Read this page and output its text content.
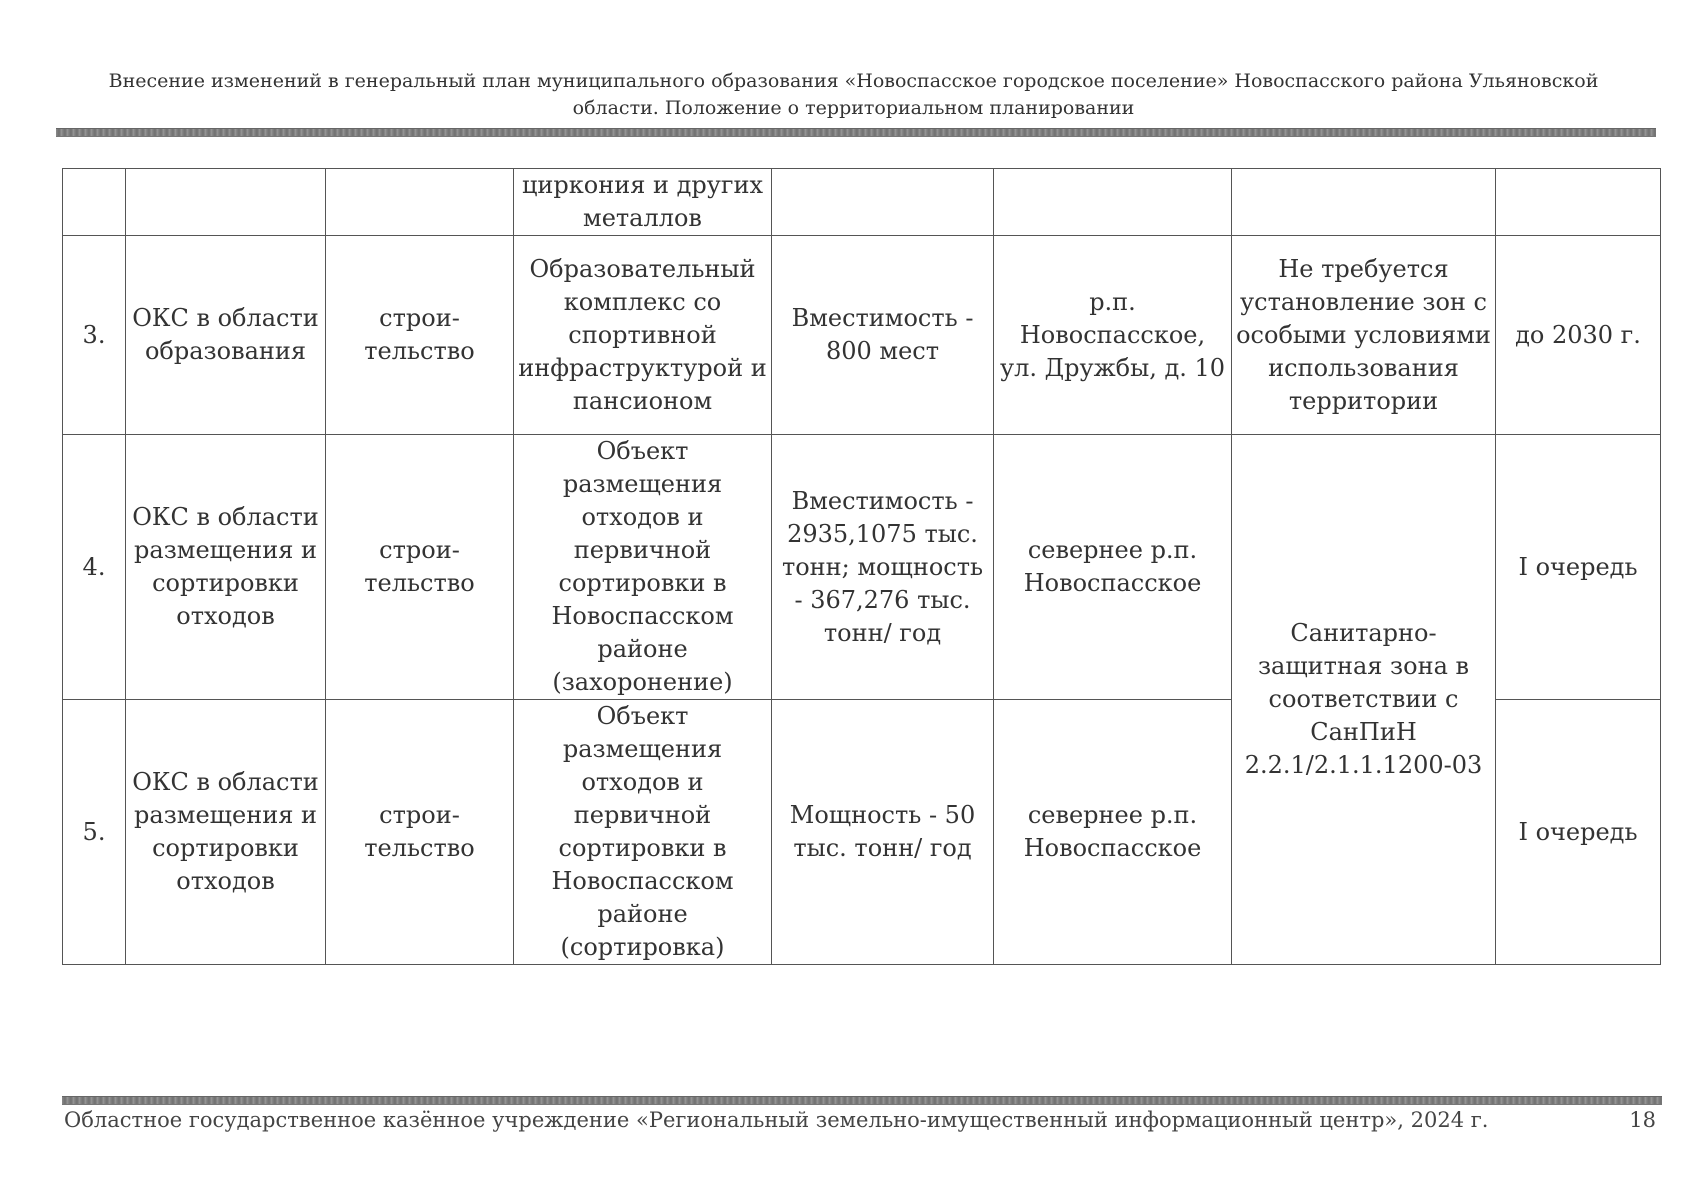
Внесение изменений в генеральный план муниципального образования «Новоспасское городское поселение» Новоспасского района Ульяновской
области. Положение о территориальном планировании
			циркония и других металлов				
3.	ОКС в области образования	строи-тельство	Образовательный комплекс со спортивной инфраструктурой и пансионом	Вместимость - 800 мест	р.п. Новоспасское, ул. Дружбы, д. 10	Не требуется установление зон с особыми условиями использования территории	до 2030 г.
4.	ОКС в области размещения и сортировки отходов	строи-тельство	Объект размещения отходов и первичной сортировки в Новоспасском районе (захоронение)	Вместимость - 2935,1075 тыс. тонн; мощность - 367,276 тыс. тонн/ год	севернее р.п. Новоспасское	Санитарно-защитная зона в соответствии с СанПиН 2.2.1/2.1.1.1200-03	I очередь
5.	ОКС в области размещения и сортировки отходов	строи-тельство	Объект размещения отходов и первичной сортировки в Новоспасском районе (сортировка)	Мощность - 50 тыс. тонн/ год	севернее р.п. Новоспасское		I очередь
Областное государственное казённое учреждение «Региональный земельно-имущественный информационный центр», 2024 г.	18
